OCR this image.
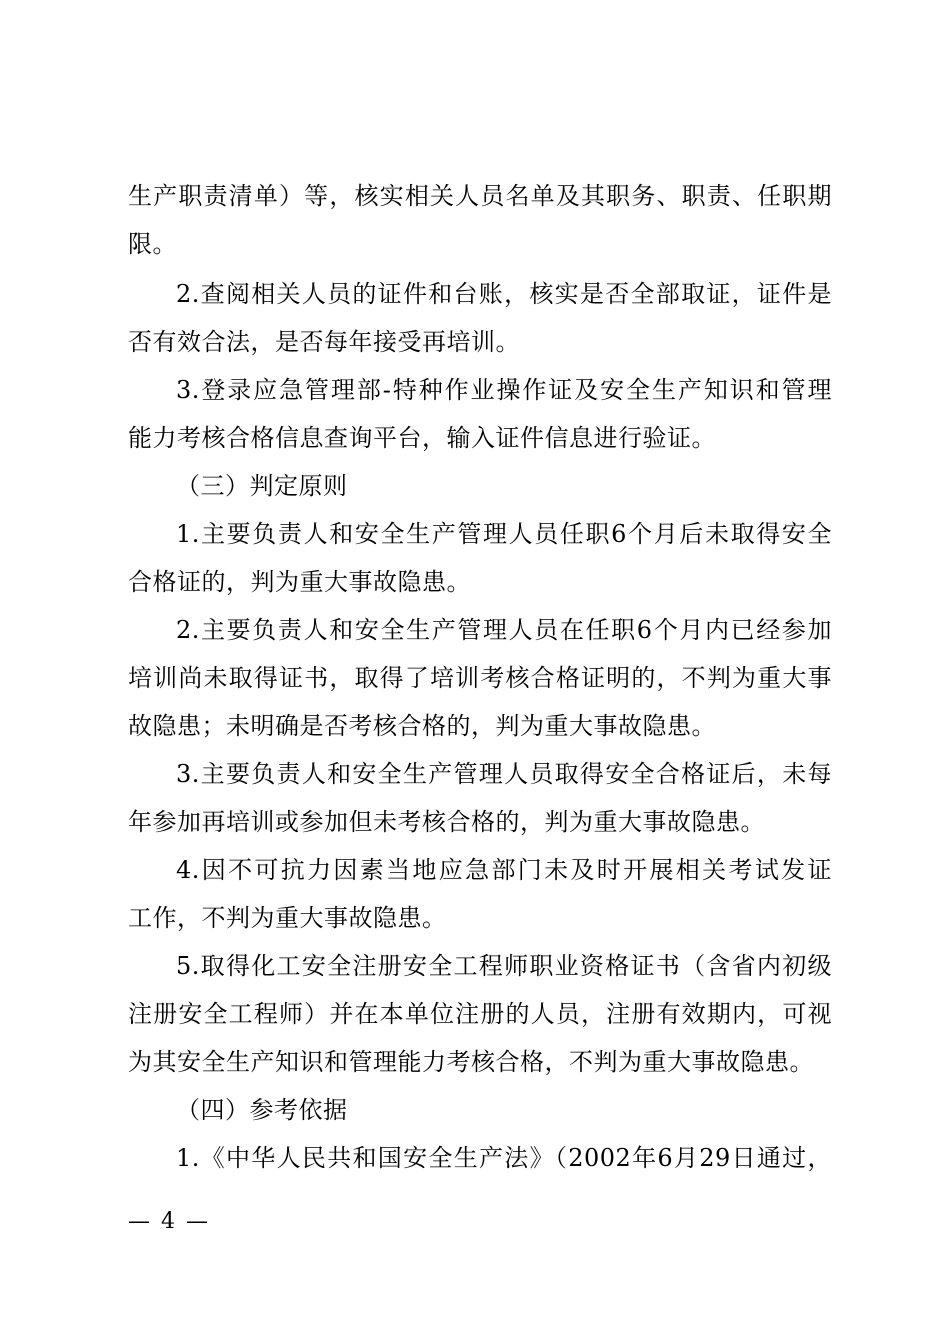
生产职责清单）等，核实相关人员名单及其职务、职责、任职期
限。
2.查阅相关人员的证件和台账，核实是否全部取证，证件是
否有效合法，是否每年接受再培训。
3.登录应急管理部-特种作业操作证及安全生产知识和管理
能力考核合格信息查询平台，输入证件信息进行验证。
（三）判定原则
1.主要负责人和安全生产管理人员任职6个月后未取得安全
合格证的，判为重大事故隐患。
2.主要负责人和安全生产管理人员在任职6个月内已经参加
培训尚未取得证书，取得了培训考核合格证明的，不判为重大事
故隐患；未明确是否考核合格的，判为重大事故隐患。
3.主要负责人和安全生产管理人员取得安全合格证后，未每
年参加再培训或参加但未考核合格的，判为重大事故隐患。
4.因不可抗力因素当地应急部门未及时开展相关考试发证
工作，不判为重大事故隐患。
5.取得化工安全注册安全工程师职业资格证书（含省内初级
注册安全工程师）并在本单位注册的人员，注册有效期内，可视
为其安全生产知识和管理能力考核合格，不判为重大事故隐患。
（四）参考依据
1.《中华人民共和国安全生产法》（2002年6月29日通过，
— 4 —
